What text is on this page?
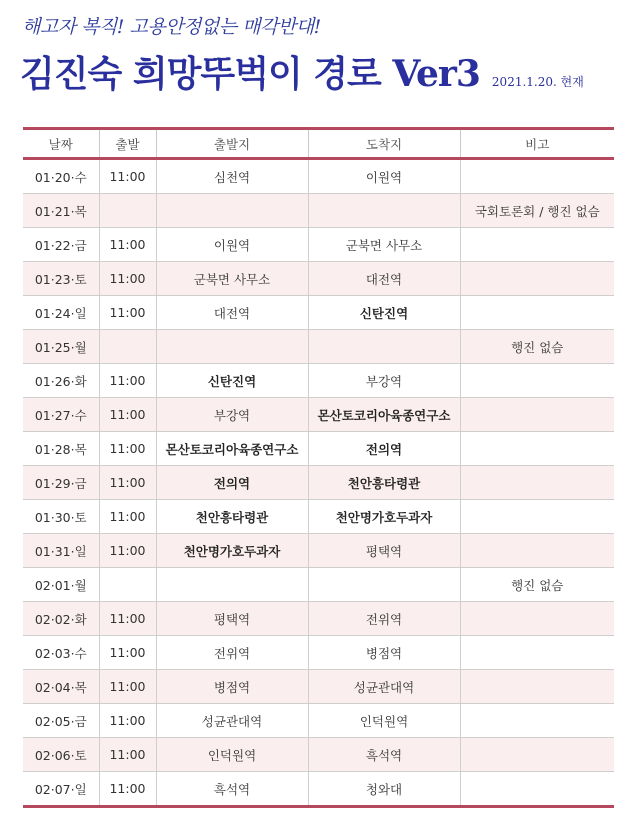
해고자 복직! 고용안정없는 매각반대!
김진숙 희망뚜벅이 경로 Ver3 2021.1.20. 현재
날짜	출발	출발지	도착지	비고
01·20·수	11:00	심천역	이원역	
01·21·목				국회토론회 / 행진 없슴
01·22·금	11:00	이원역	군북면 사무소	
01·23·토	11:00	군북면 사무소	대전역	
01·24·일	11:00	대전역	신탄진역	
01·25·월				행진 없슴
01·26·화	11:00	신탄진역	부강역	
01·27·수	11:00	부강역	몬산토코리아육종연구소	
01·28·목	11:00	몬산토코리아육종연구소	전의역	
01·29·금	11:00	전의역	천안흥타령관	
01·30·토	11:00	천안흥타령관	천안명가호두과자	
01·31·일	11:00	천안명가호두과자	평택역	
02·01·월				행진 없슴
02·02·화	11:00	평택역	전위역	
02·03·수	11:00	전위역	병점역	
02·04·목	11:00	병점역	성균관대역	
02·05·금	11:00	성균관대역	인덕원역	
02·06·토	11:00	인덕원역	흑석역	
02·07·일	11:00	흑석역	청와대	
